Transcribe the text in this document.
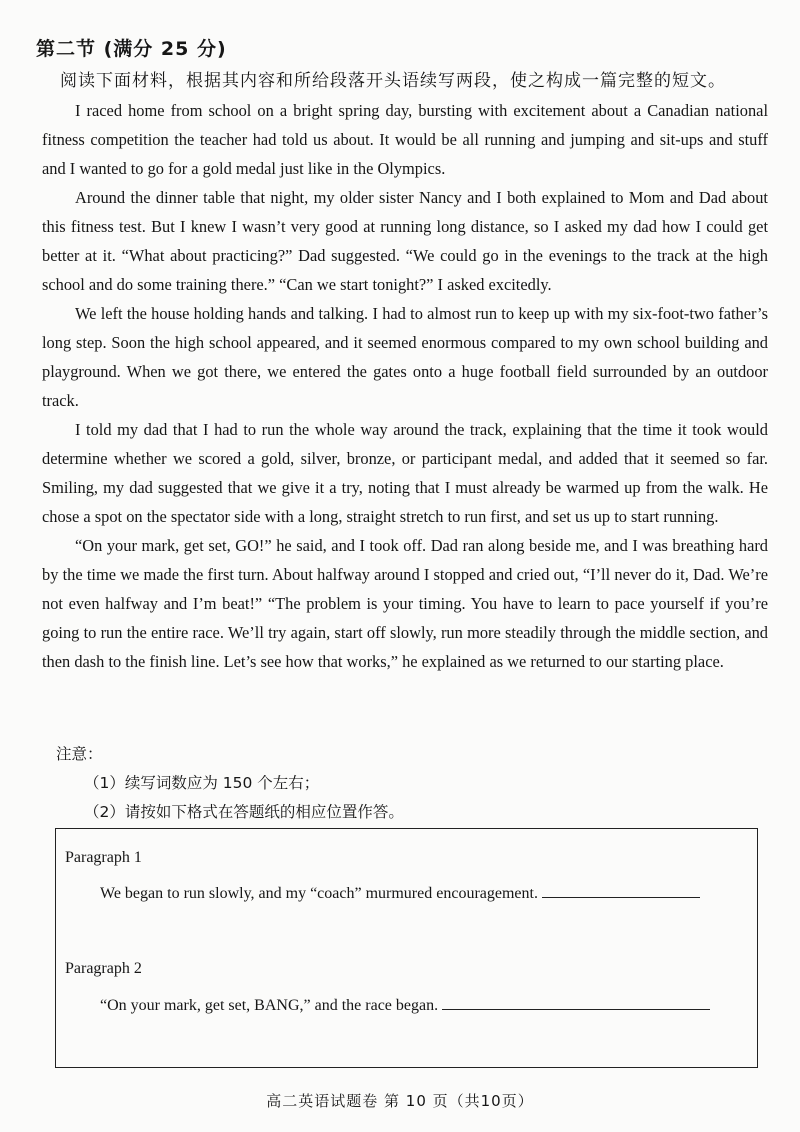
第二节 (满分 25 分)
阅读下面材料，根据其内容和所给段落开头语续写两段，使之构成一篇完整的短文。

I raced home from school on a bright spring day, bursting with excitement about a Canadian national fitness competition the teacher had told us about. It would be all running and jumping and sit-ups and stuff and I wanted to go for a gold medal just like in the Olympics.

Around the dinner table that night, my older sister Nancy and I both explained to Mom and Dad about this fitness test. But I knew I wasn’t very good at running long distance, so I asked my dad how I could get better at it. “What about practicing?” Dad suggested. “We could go in the evenings to the track at the high school and do some training there.” “Can we start tonight?” I asked excitedly.

We left the house holding hands and talking. I had to almost run to keep up with my six-foot-two father’s long step. Soon the high school appeared, and it seemed enormous compared to my own school building and playground. When we got there, we entered the gates onto a huge football field surrounded by an outdoor track.

I told my dad that I had to run the whole way around the track, explaining that the time it took would determine whether we scored a gold, silver, bronze, or participant medal, and added that it seemed so far. Smiling, my dad suggested that we give it a try, noting that I must already be warmed up from the walk. He chose a spot on the spectator side with a long, straight stretch to run first, and set us up to start running.

“On your mark, get set, GO!” he said, and I took off. Dad ran along beside me, and I was breathing hard by the time we made the first turn. About halfway around I stopped and cried out, “I’ll never do it, Dad. We’re not even halfway and I’m beat!” “The problem is your timing. You have to learn to pace yourself if you’re going to run the entire race. We’ll try again, start off slowly, run more steadily through the middle section, and then dash to the finish line. Let’s see how that works,” he explained as we returned to our starting place.

注意：
（1）续写词数应为 150 个左右；
（2）请按如下格式在答题纸的相应位置作答。
Paragraph 1
We began to run slowly, and my “coach” murmured encouragement.
Paragraph 2
“On your mark, get set, BANG,” and the race began.
高二英语试题卷 第 10 页（共10页）
